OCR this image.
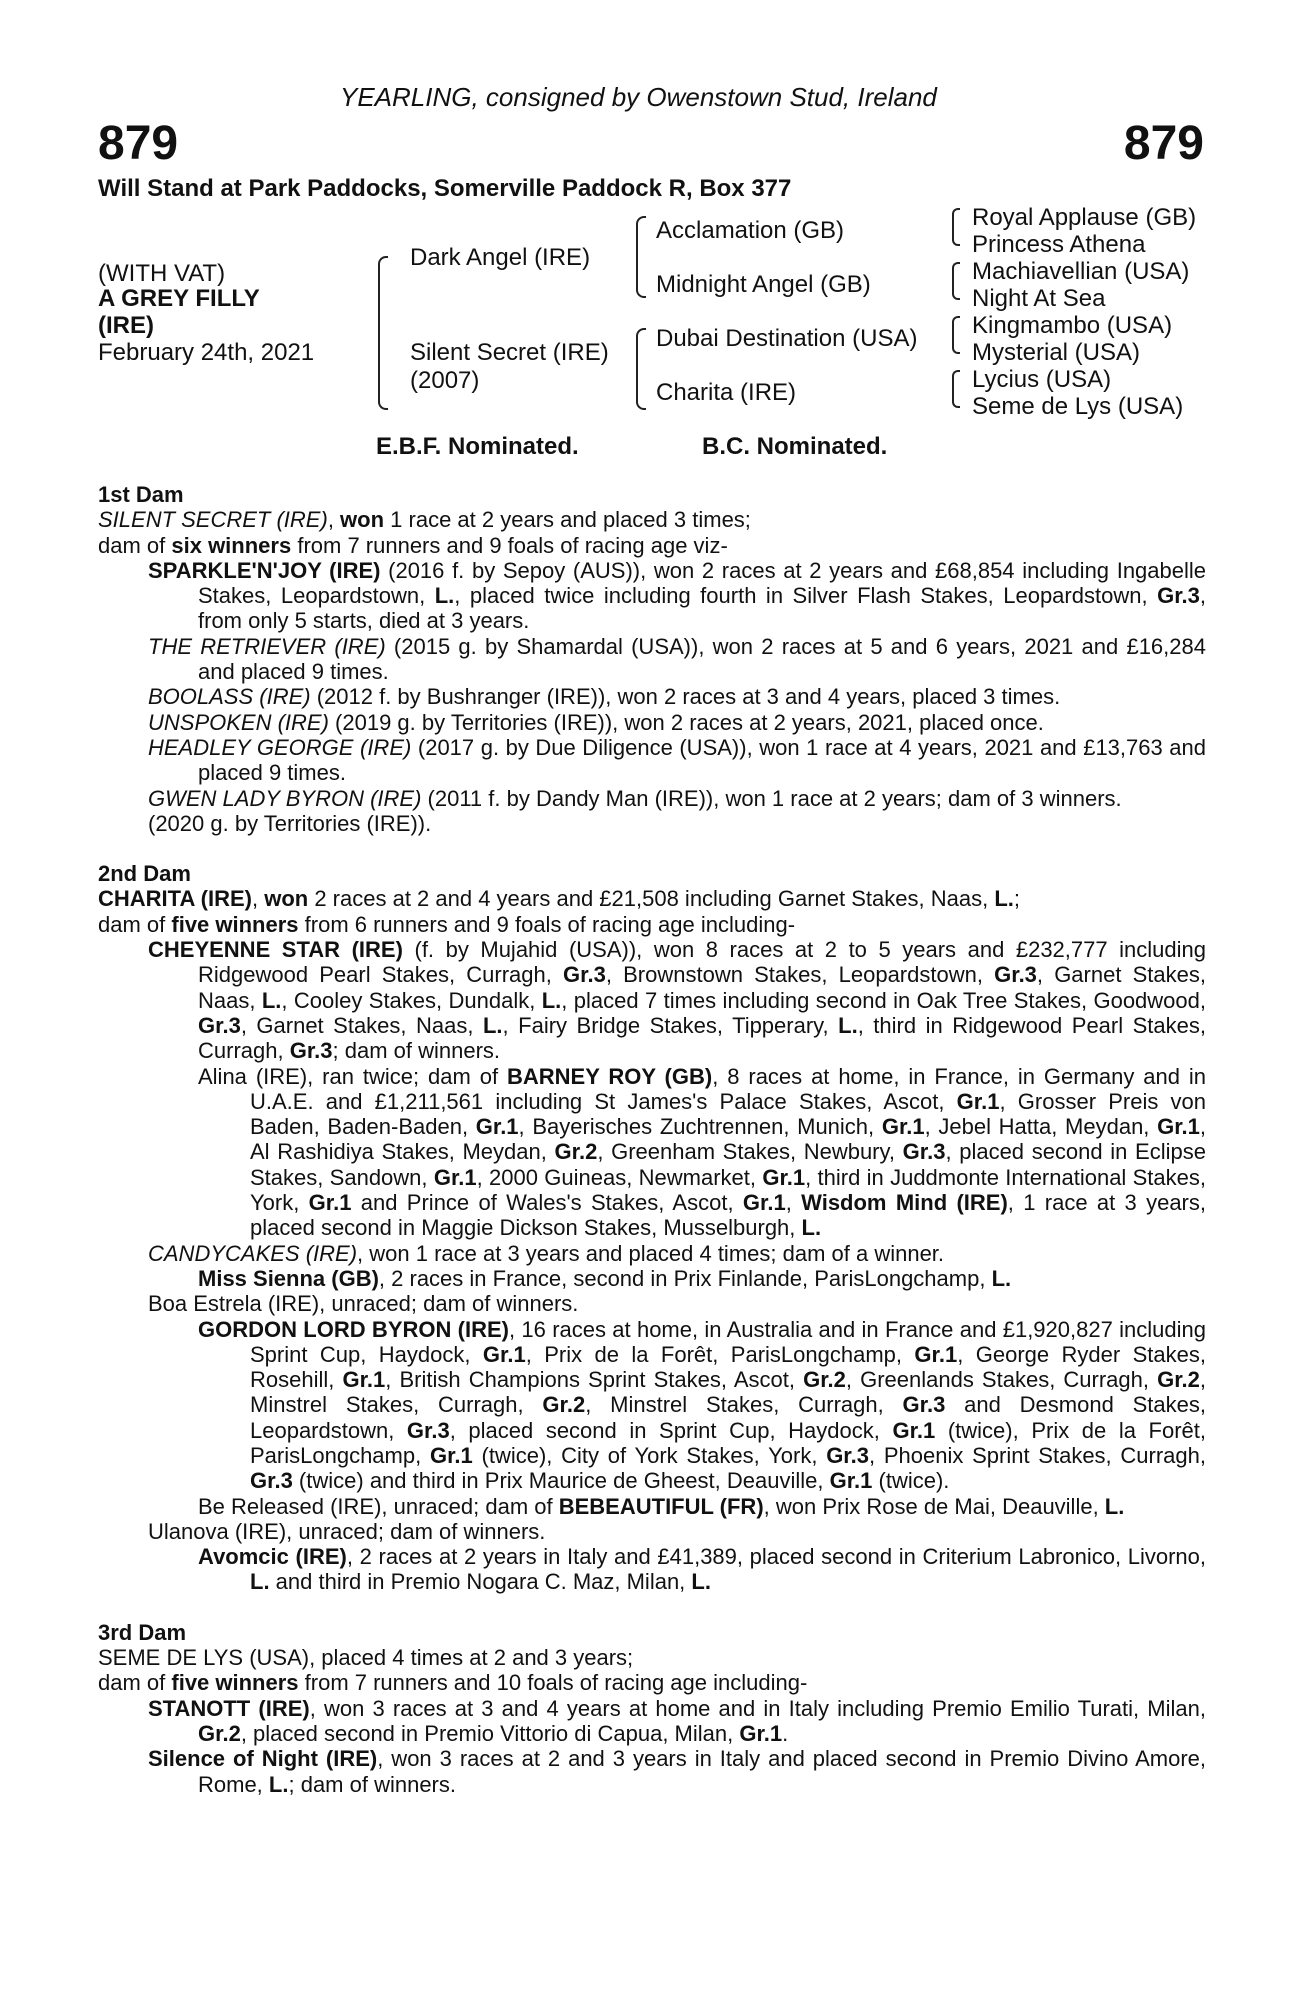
YEARLING, consigned by Owenstown Stud, Ireland
879	879
Will Stand at Park Paddocks, Somerville Paddock R, Box 377
(WITH VAT)
A GREY FILLY
(IRE)
February 24th, 2021
Dark Angel (IRE)
Silent Secret (IRE)
(2007)
Acclamation (GB)
Midnight Angel (GB)
Dubai Destination (USA)
Charita (IRE)
Royal Applause (GB)
Princess Athena
Machiavellian (USA)
Night At Sea
Kingmambo (USA)
Mysterial (USA)
Lycius (USA)
Seme de Lys (USA)
E.B.F. Nominated.	B.C. Nominated.
1st Dam
SILENT SECRET (IRE), won 1 race at 2 years and placed 3 times;
dam of six winners from 7 runners and 9 foals of racing age viz-
SPARKLE'N'JOY (IRE) (2016 f. by Sepoy (AUS)), won 2 races at 2 years and £68,854 including Ingabelle Stakes, Leopardstown, L., placed twice including fourth in Silver Flash Stakes, Leopardstown, Gr.3, from only 5 starts, died at 3 years.
THE RETRIEVER (IRE) (2015 g. by Shamardal (USA)), won 2 races at 5 and 6 years, 2021 and £16,284 and placed 9 times.
BOOLASS (IRE) (2012 f. by Bushranger (IRE)), won 2 races at 3 and 4 years, placed 3 times.
UNSPOKEN (IRE) (2019 g. by Territories (IRE)), won 2 races at 2 years, 2021, placed once.
HEADLEY GEORGE (IRE) (2017 g. by Due Diligence (USA)), won 1 race at 4 years, 2021 and £13,763 and placed 9 times.
GWEN LADY BYRON (IRE) (2011 f. by Dandy Man (IRE)), won 1 race at 2 years; dam of 3 winners.
(2020 g. by Territories (IRE)).
2nd Dam
CHARITA (IRE), won 2 races at 2 and 4 years and £21,508 including Garnet Stakes, Naas, L.;
dam of five winners from 6 runners and 9 foals of racing age including-
CHEYENNE STAR (IRE) (f. by Mujahid (USA)), won 8 races at 2 to 5 years and £232,777 including Ridgewood Pearl Stakes, Curragh, Gr.3, Brownstown Stakes, Leopardstown, Gr.3, Garnet Stakes, Naas, L., Cooley Stakes, Dundalk, L., placed 7 times including second in Oak Tree Stakes, Goodwood, Gr.3, Garnet Stakes, Naas, L., Fairy Bridge Stakes, Tipperary, L., third in Ridgewood Pearl Stakes, Curragh, Gr.3; dam of winners.
Alina (IRE), ran twice; dam of BARNEY ROY (GB), 8 races at home, in France, in Germany and in U.A.E. and £1,211,561 including St James's Palace Stakes, Ascot, Gr.1, Grosser Preis von Baden, Baden-Baden, Gr.1, Bayerisches Zuchtrennen, Munich, Gr.1, Jebel Hatta, Meydan, Gr.1, Al Rashidiya Stakes, Meydan, Gr.2, Greenham Stakes, Newbury, Gr.3, placed second in Eclipse Stakes, Sandown, Gr.1, 2000 Guineas, Newmarket, Gr.1, third in Juddmonte International Stakes, York, Gr.1 and Prince of Wales's Stakes, Ascot, Gr.1, Wisdom Mind (IRE), 1 race at 3 years, placed second in Maggie Dickson Stakes, Musselburgh, L.
CANDYCAKES (IRE), won 1 race at 3 years and placed 4 times; dam of a winner.
Miss Sienna (GB), 2 races in France, second in Prix Finlande, ParisLongchamp, L.
Boa Estrela (IRE), unraced; dam of winners.
GORDON LORD BYRON (IRE), 16 races at home, in Australia and in France and £1,920,827 including Sprint Cup, Haydock, Gr.1, Prix de la Forêt, ParisLongchamp, Gr.1, George Ryder Stakes, Rosehill, Gr.1, British Champions Sprint Stakes, Ascot, Gr.2, Greenlands Stakes, Curragh, Gr.2, Minstrel Stakes, Curragh, Gr.2, Minstrel Stakes, Curragh, Gr.3 and Desmond Stakes, Leopardstown, Gr.3, placed second in Sprint Cup, Haydock, Gr.1 (twice), Prix de la Forêt, ParisLongchamp, Gr.1 (twice), City of York Stakes, York, Gr.3, Phoenix Sprint Stakes, Curragh, Gr.3 (twice) and third in Prix Maurice de Gheest, Deauville, Gr.1 (twice).
Be Released (IRE), unraced; dam of BEBEAUTIFUL (FR), won Prix Rose de Mai, Deauville, L.
Ulanova (IRE), unraced; dam of winners.
Avomcic (IRE), 2 races at 2 years in Italy and £41,389, placed second in Criterium Labronico, Livorno, L. and third in Premio Nogara C. Maz, Milan, L.
3rd Dam
SEME DE LYS (USA), placed 4 times at 2 and 3 years;
dam of five winners from 7 runners and 10 foals of racing age including-
STANOTT (IRE), won 3 races at 3 and 4 years at home and in Italy including Premio Emilio Turati, Milan, Gr.2, placed second in Premio Vittorio di Capua, Milan, Gr.1.
Silence of Night (IRE), won 3 races at 2 and 3 years in Italy and placed second in Premio Divino Amore, Rome, L.; dam of winners.
